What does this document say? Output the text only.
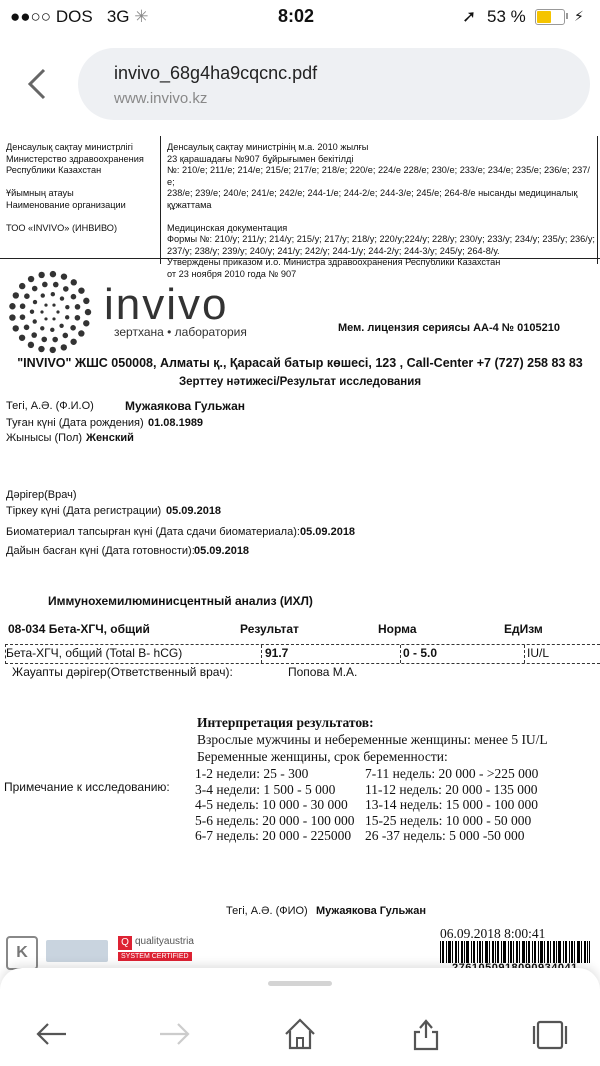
●●○○ DOS 3G ✳	8:02	➚ 53 %	⚡
invivo_68g4ha9cqcnc.pdf
www.invivo.kz
Денсаулық сақтау министрлігі
Министерство здравоохранения
Республики Казахстан

Ұйымның атауы
Наименование организации

ТОО «INVIVO» (ИНВИВО)
Денсаулық сақтау министрінің м.а. 2010 жылғы
23 қарашадағы №907 бұйрығымен бекітілді
№: 210/е; 211/е; 214/е; 215/е; 217/е; 218/е; 220/е; 224/е 228/е; 230/е; 233/е; 234/е; 235/е; 236/е; 237/е;
238/е; 239/е; 240/е; 241/е; 242/е; 244-1/е; 244-2/е; 244-3/е; 245/е; 264-8/е нысанды медициналық
құжаттама

Медицинская документация
Формы №: 210/у; 211/у; 214/у; 215/у; 217/у; 218/у; 220/у;224/у; 228/у; 230/у; 233/у; 234/у; 235/у; 236/у;
237/у; 238/у; 239/у; 240/у; 241/у; 242/у; 244-1/у; 244-2/у; 244-3/у; 245/у; 264-8/у.
Утверждены приказом и.о. Министра здравоохранения Республики Казахстан
от 23 ноября 2010 года № 907
invivo
зертхана • лаборатория	Мем. лицензия сериясы АА-4 № 0105210
"INVIVO" ЖШС 050008, Алматы қ., Қарасай батыр көшесі, 123 , Call-Center +7 (727) 258 83 83
Зерттеу нәтижесі/Результат исследования
Тегі, А.Ә. (Ф.И.О)	Мужаякова Гульжан
Туған күні (Дата рождения) 01.08.1989
Жынысы (Пол) Женский
Дәрігер(Врач)
Тіркеу күні (Дата регистрации) 05.09.2018
Биоматериал тапсырған күні (Дата сдачи биоматериала): 05.09.2018
Дайын басған күні (Дата готовности): 05.09.2018
Иммунохемилюминисцентный анализ (ИХЛ)
08-034 Бета-ХГЧ, общий	Результат	Норма	ЕдИзм
Бета-ХГЧ, общий (Total B- hCG)	91.7	0 - 5.0	IU/L
Жауапты дәрігер(Ответственный врач):	Попова М.А.
Примечание к исследованию:
Интерпретация результатов:
Взрослые мужчины и небеременные женщины: менее 5 IU/L
Беременные женщины, срок беременности:
1-2 недели: 25 - 300
3-4 недели: 1 500 - 5 000
4-5 недель: 10 000 - 30 000
5-6 недель: 20 000 - 100 000
6-7 недель: 20 000 - 225000
7-11 недель: 20 000 - >225 000
11-12 недель: 20 000 - 135 000
13-14 недель: 15 000 - 100 000
15-25 недель: 10 000 - 50 000
26 -37 недель: 5 000 -50 000
Тегі, А.Ә. (ФИО) Мужаякова Гульжан
06.09.2018 8:00:41
K
Q qualityaustria
SYSTEM CERTIFIED
